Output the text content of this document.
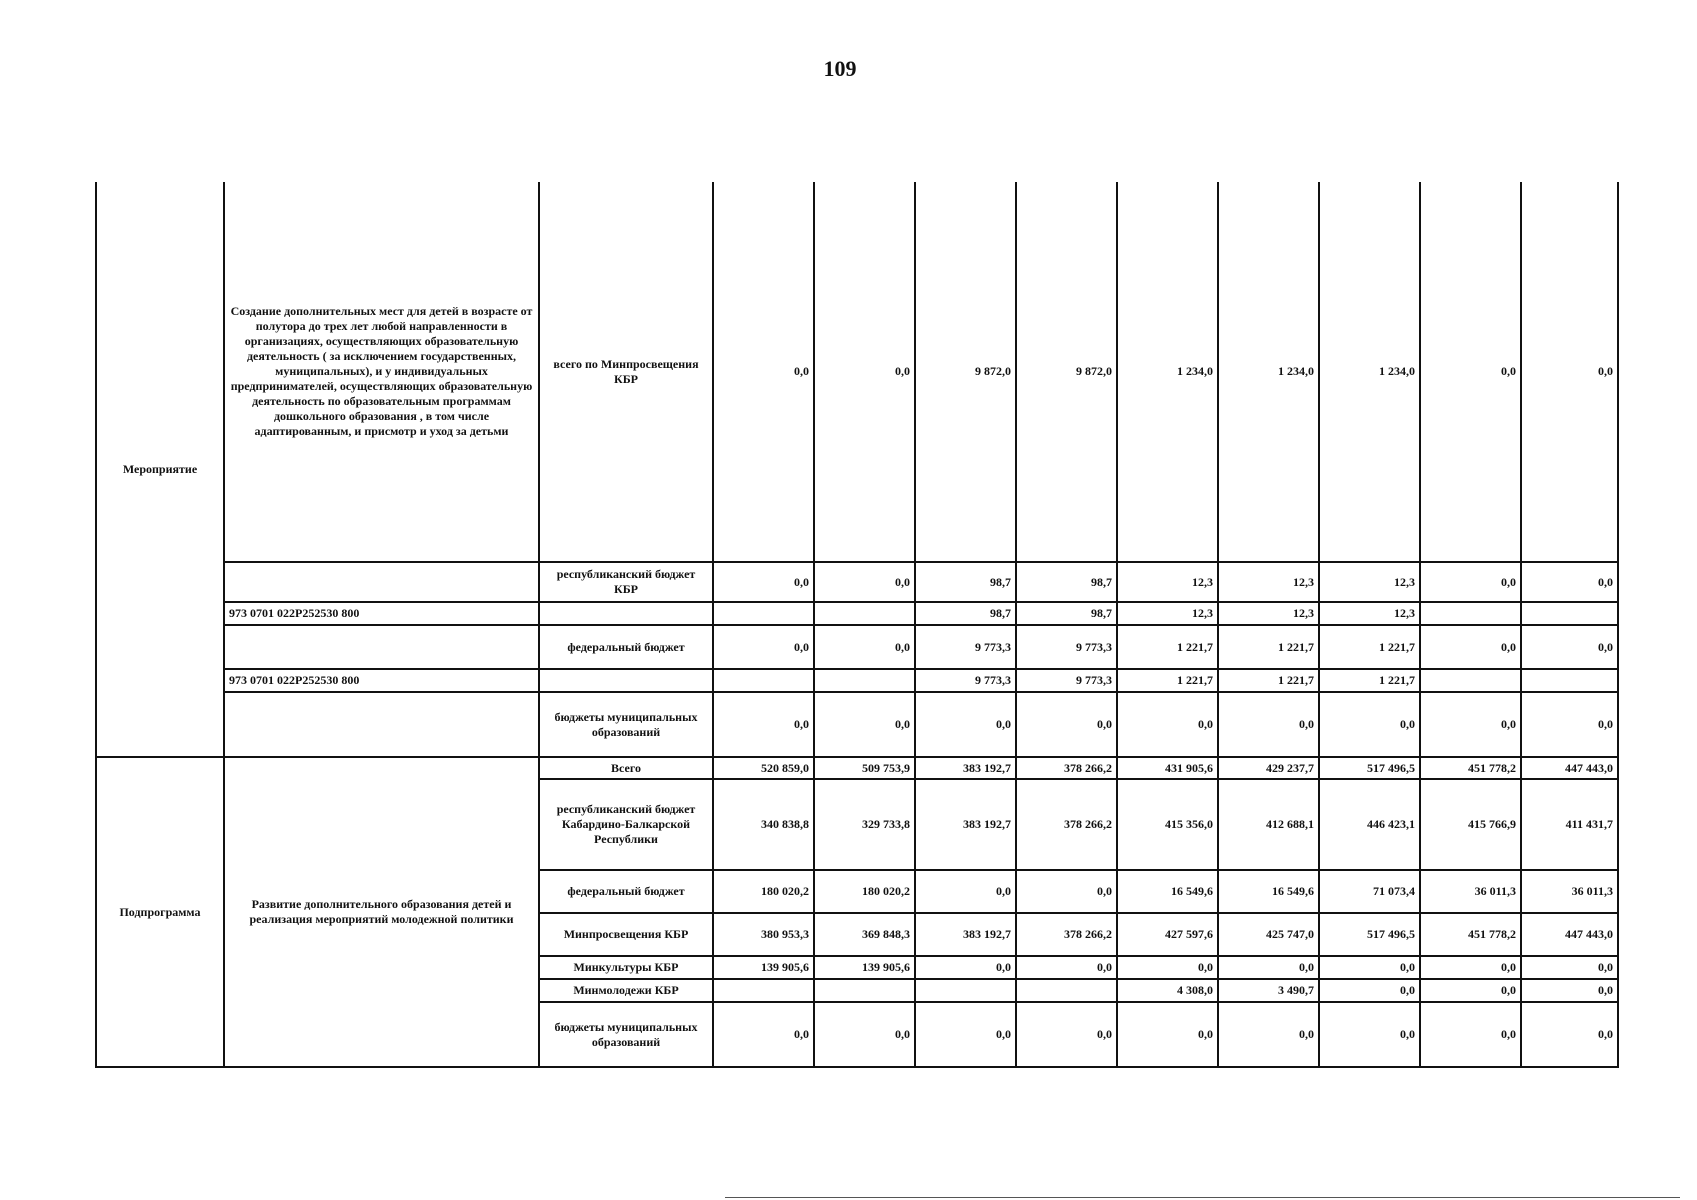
109
Мероприятие	Создание дополнительных мест для детей в возрасте от полутора до трех лет любой направленности в организациях, осуществляющих образовательную деятельность ( за исключением государственных, муниципальных), и у индивидуальных предпринимателей, осуществляющих образовательную деятельность по образовательным программам дошкольного образования , в том числе адаптированным, и присмотр и уход за детьми	всего по Минпросвещения КБР	0,0	0,0	9 872,0	9 872,0	1 234,0	1 234,0	1 234,0	0,0	0,0
		республиканский бюджет КБР	0,0	0,0	98,7	98,7	12,3	12,3	12,3	0,0	0,0
	973 0701 022P252530 800				98,7	98,7	12,3	12,3	12,3		
		федеральный бюджет	0,0	0,0	9 773,3	9 773,3	1 221,7	1 221,7	1 221,7	0,0	0,0
	973 0701 022P252530 800				9 773,3	9 773,3	1 221,7	1 221,7	1 221,7		
		бюджеты муниципальных образований	0,0	0,0	0,0	0,0	0,0	0,0	0,0	0,0	0,0
Подпрограмма	Развитие дополнительного образования детей и реализация мероприятий молодежной политики	Всего	520 859,0	509 753,9	383 192,7	378 266,2	431 905,6	429 237,7	517 496,5	451 778,2	447 443,0
		республиканский бюджет Кабардино-Балкарской Республики	340 838,8	329 733,8	383 192,7	378 266,2	415 356,0	412 688,1	446 423,1	415 766,9	411 431,7
		федеральный бюджет	180 020,2	180 020,2	0,0	0,0	16 549,6	16 549,6	71 073,4	36 011,3	36 011,3
		Минпросвещения КБР	380 953,3	369 848,3	383 192,7	378 266,2	427 597,6	425 747,0	517 496,5	451 778,2	447 443,0
		Минкультуры КБР	139 905,6	139 905,6	0,0	0,0	0,0	0,0	0,0	0,0	0,0
		Минмолодежи КБР					4 308,0	3 490,7	0,0	0,0	0,0
		бюджеты муниципальных образований	0,0	0,0	0,0	0,0	0,0	0,0	0,0	0,0	0,0
